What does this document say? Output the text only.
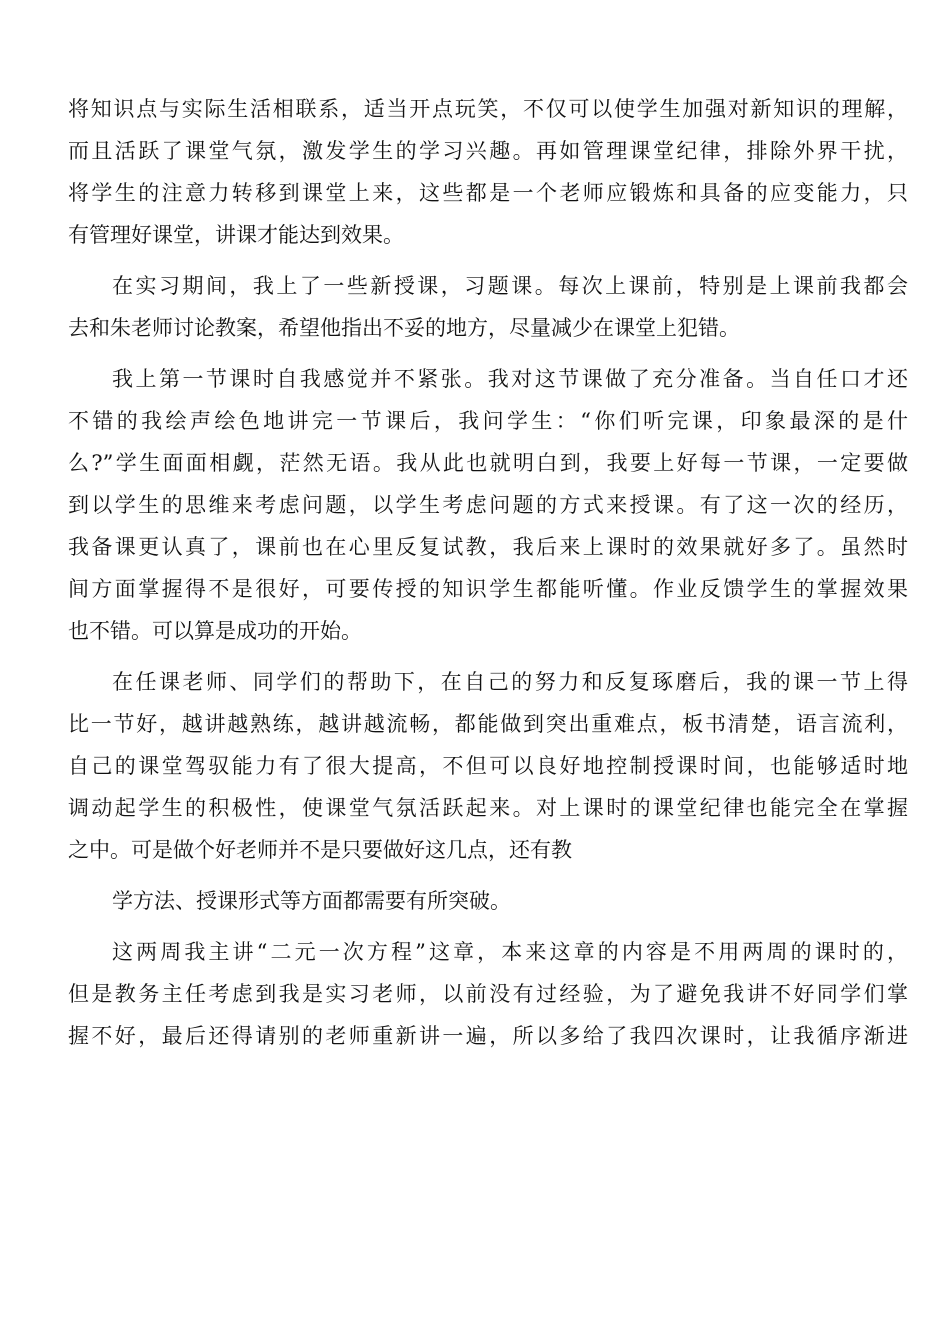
将知识点与实际生活相联系，适当开点玩笑，不仅可以使学生加强对新知识的理解，
而且活跃了课堂气氛，激发学生的学习兴趣。再如管理课堂纪律，排除外界干扰，
将学生的注意力转移到课堂上来，这些都是一个老师应锻炼和具备的应变能力，只
有管理好课堂，讲课才能达到效果。
在实习期间，我上了一些新授课，习题课。每次上课前，特别是上课前我都会
去和朱老师讨论教案，希望他指出不妥的地方，尽量减少在课堂上犯错。
我上第一节课时自我感觉并不紧张。我对这节课做了充分准备。当自任口才还
不错的我绘声绘色地讲完一节课后，我问学生：“你们听完课，印象最深的是什
么?”学生面面相觑，茫然无语。我从此也就明白到，我要上好每一节课，一定要做
到以学生的思维来考虑问题，以学生考虑问题的方式来授课。有了这一次的经历，
我备课更认真了，课前也在心里反复试教，我后来上课时的效果就好多了。虽然时
间方面掌握得不是很好，可要传授的知识学生都能听懂。作业反馈学生的掌握效果
也不错。可以算是成功的开始。
在任课老师、同学们的帮助下，在自己的努力和反复琢磨后，我的课一节上得
比一节好，越讲越熟练，越讲越流畅，都能做到突出重难点，板书清楚，语言流利，
自己的课堂驾驭能力有了很大提高，不但可以良好地控制授课时间，也能够适时地
调动起学生的积极性，使课堂气氛活跃起来。对上课时的课堂纪律也能完全在掌握
之中。可是做个好老师并不是只要做好这几点，还有教
学方法、授课形式等方面都需要有所突破。
这两周我主讲“二元一次方程”这章，本来这章的内容是不用两周的课时的，
但是教务主任考虑到我是实习老师，以前没有过经验，为了避免我讲不好同学们掌
握不好，最后还得请别的老师重新讲一遍，所以多给了我四次课时，让我循序渐进
